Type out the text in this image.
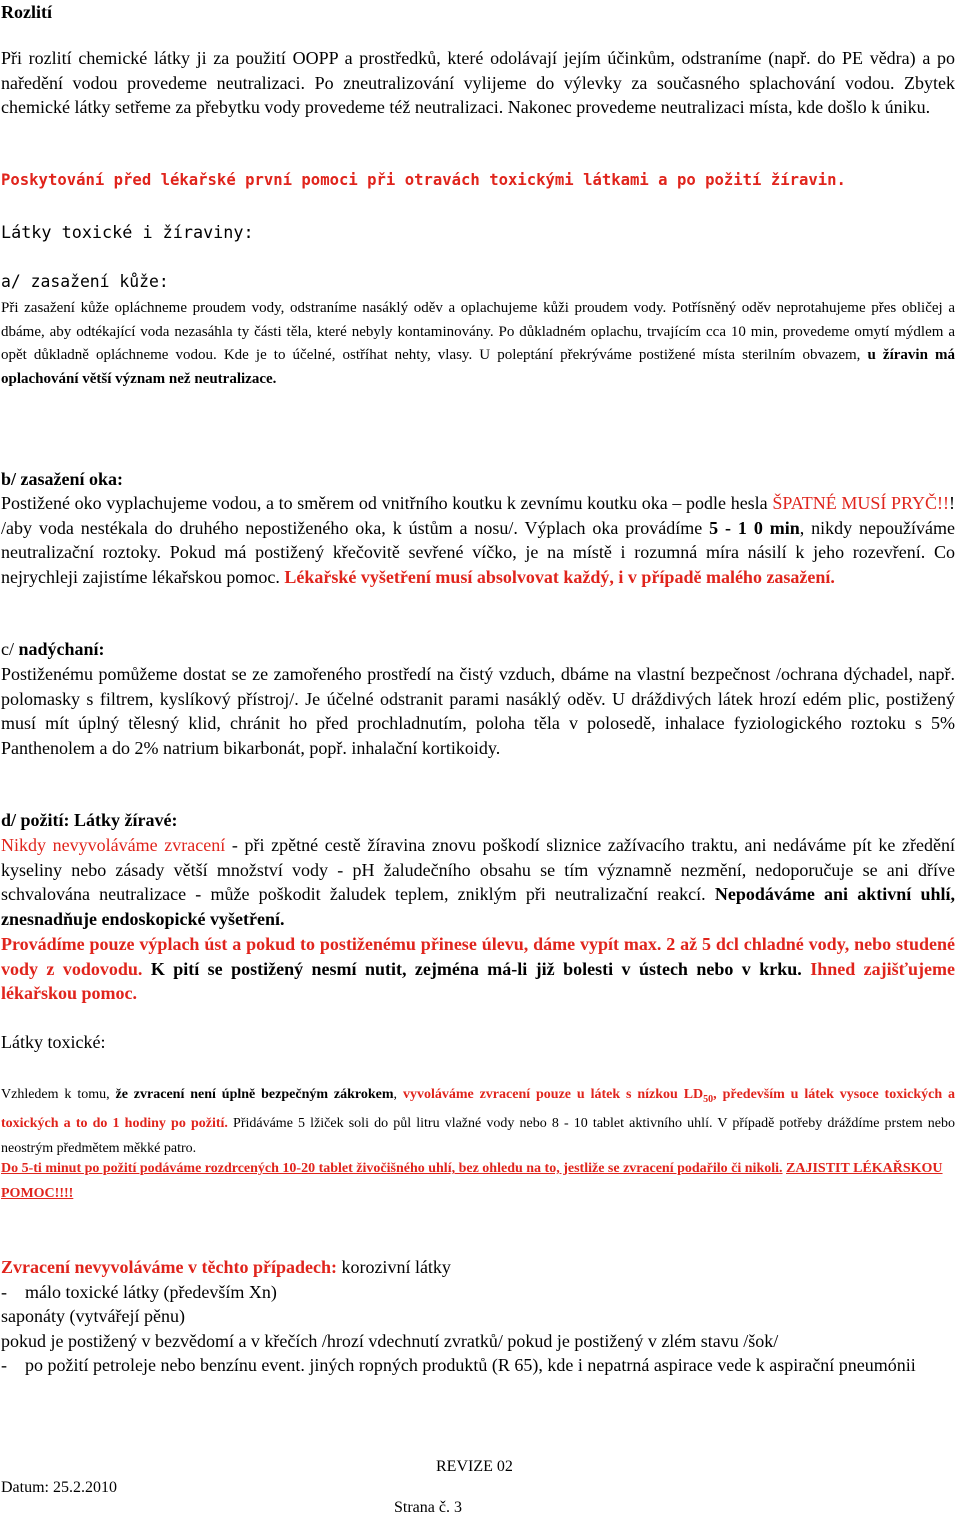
Rozlití
Při rozlití chemické látky ji za použití OOPP a prostředků, které odolávají jejím účinkům, odstraníme (např. do PE vědra) a po naředění vodou provedeme neutralizaci. Po zneutralizování vylijeme do výlevky za současného splachování vodou. Zbytek chemické látky setřeme za přebytku vody provedeme též neutralizaci. Nakonec provedeme neutralizaci místa, kde došlo k úniku.
Poskytování před lékařské první pomoci při otravách toxickými látkami a po požití žíravin.
Látky toxické i žíraviny:
a/ zasažení kůže:
Při zasažení kůže opláchneme proudem vody, odstraníme nasáklý oděv a oplachujeme kůži proudem vody. Potřísněný oděv neprotahujeme přes obličej a dbáme, aby odtékající voda nezasáhla ty části těla, které nebyly kontaminovány. Po důkladném oplachu, trvajícím cca 10 min, provedeme omytí mýdlem a opět důkladně opláchneme vodou. Kde je to účelné, ostříhat nehty, vlasy. U poleptání překrýváme postižené místa sterilním obvazem, u žíravin má oplachování větší význam než neutralizace.
b/ zasažení oka:
Postižené oko vyplachujeme vodou, a to směrem od vnitřního koutku k zevnímu koutku oka – podle hesla ŠPATNÉ MUSÍ PRYČ!!! /aby voda nestékala do druhého nepostiženého oka, k ústům a nosu/. Výplach oka provádíme 5 - 1 0 min, nikdy nepoužíváme neutralizační roztoky. Pokud má postižený křečovitě sevřené víčko, je na místě i rozumná míra násilí k jeho rozevření. Co nejrychleji zajistíme lékařskou pomoc. Lékařské vyšetření musí absolvovat každý, i v případě malého zasažení.
c/ nadýchaní:
Postiženému pomůžeme dostat se ze zamořeného prostředí na čistý vzduch, dbáme na vlastní bezpečnost /ochrana dýchadel, např. polomasky s filtrem, kyslíkový přístroj/. Je účelné odstranit parami nasáklý oděv. U dráždivých látek hrozí edém plic, postižený musí mít úplný tělesný klid, chránit ho před prochladnutím, poloha těla v polosedě, inhalace fyziologického roztoku s 5% Panthenolem a do 2% natrium bikarbonát, popř. inhalační kortikoidy.
d/ požití: Látky žíravé:
Nikdy nevyvoláváme zvracení - při zpětné cestě žíravina znovu poškodí sliznice zažívacího traktu, ani nedáváme pít ke zředění kyseliny nebo zásady větší množství vody - pH žaludečního obsahu se tím významně nezmění, nedoporučuje se ani dříve schvalována neutralizace - může poškodit žaludek teplem, zniklým při neutralizační reakcí. Nepodáváme ani aktivní uhlí, znesnadňuje endoskopické vyšetření.
Provádíme pouze výplach úst a pokud to postiženému přinese úlevu, dáme vypít max. 2 až 5 dcl chladné vody, nebo studené vody z vodovodu. K pití se postižený nesmí nutit, zejména má-li již bolesti v ústech nebo v krku. Ihned zajišťujeme lékařskou pomoc.
Látky toxické:
Vzhledem k tomu, že zvracení není úplně bezpečným zákrokem, vyvoláváme zvracení pouze u látek s nízkou $LD_{50}$, především u látek vysoce toxických a toxických a to do 1 hodiny po požití. Přidáváme 5 lžiček soli do půl litru vlažné vody nebo 8 - 10 tablet aktivního uhlí. V případě potřeby dráždíme prstem nebo neostrým předmětem měkké patro.
Do 5-ti minut po požití podáváme rozdrcených 10-20 tablet živočišného uhlí, bez ohledu na to, jestliže se zvracení podařilo či nikoli. ZAJISTIT LÉKAŘSKOU POMOC!!!!
Zvracení nevyvoláváme v těchto případech: korozivní látky
-    málo toxické látky (především Xn)
saponáty (vytvářejí pěnu)
pokud je postižený v bezvědomí a v křečích /hrozí vdechnutí zvratků/ pokud je postižený v zlém stavu /šok/
-    po požití petroleje nebo benzínu event. jiných ropných produktů (R 65), kde i nepatrná aspirace vede k aspirační pneumónii
REVIZE 02
Datum: 25.2.2010
Strana č. 3
